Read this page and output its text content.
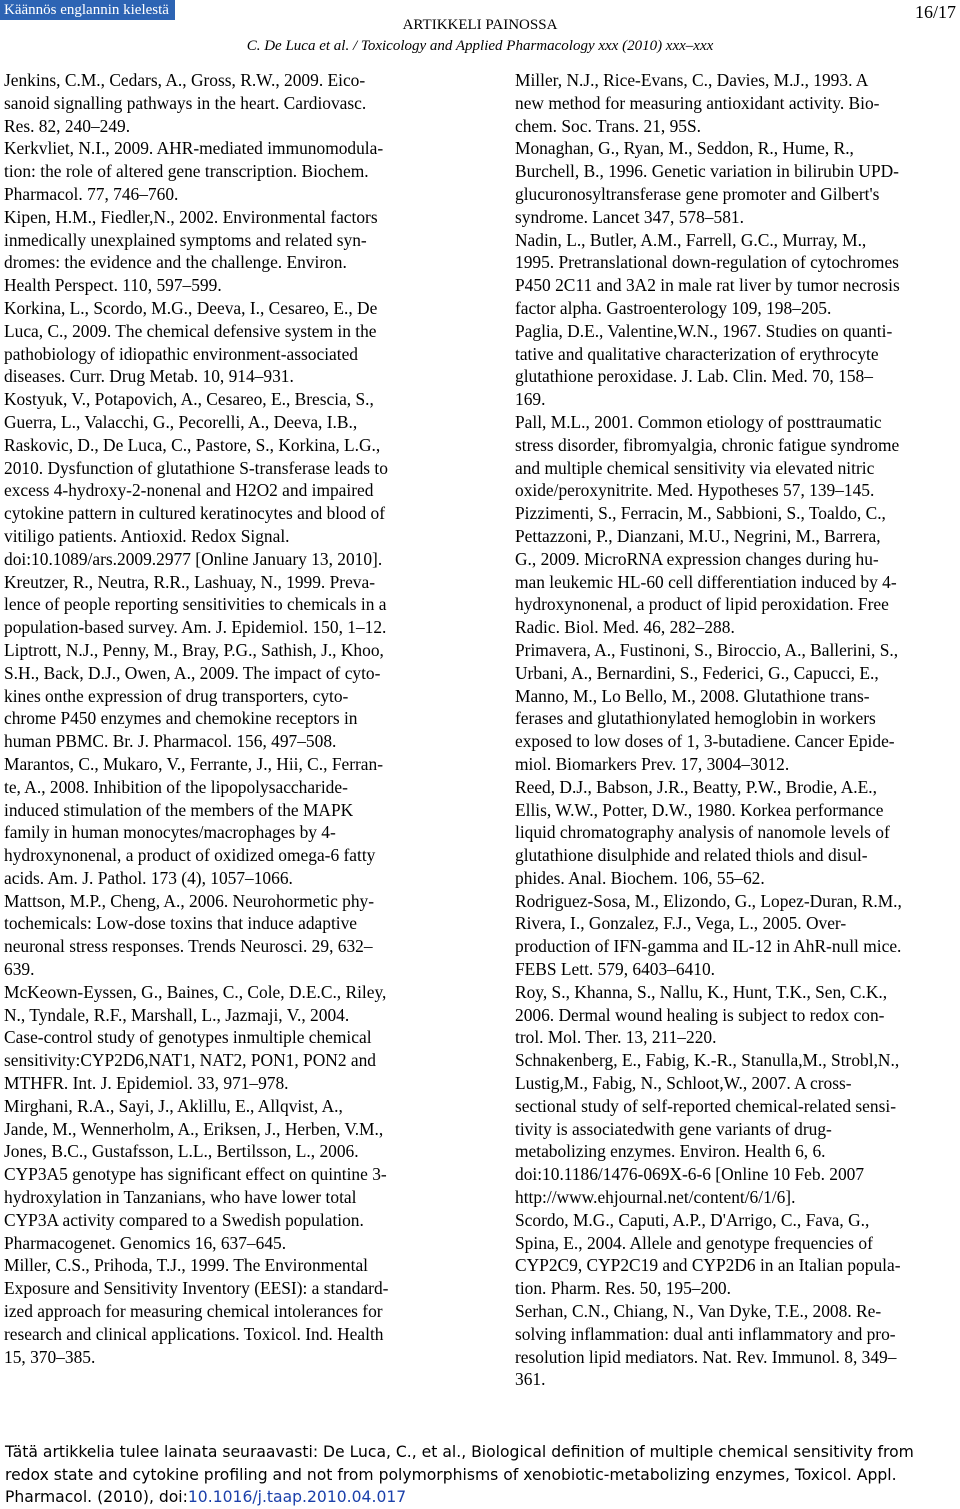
Käännös englannin kielestä
ARTIKKELI PAINOSSA
C. De Luca et al. / Toxicology and Applied Pharmacology xxx (2010) xxx–xxx
16/17

Jenkins, C.M., Cedars, A., Gross, R.W., 2009. Eico-
sanoid signalling pathways in the heart. Cardiovasc.
Res. 82, 240–249.

Kerkvliet, N.I., 2009. AHR-mediated immunomodula-
tion: the role of altered gene transcription. Biochem.
Pharmacol. 77, 746–760.

Kipen, H.M., Fiedler,N., 2002. Environmental factors
inmedically unexplained symptoms and related syn-
dromes: the evidence and the challenge. Environ.
Health Perspect. 110, 597–599.

Korkina, L., Scordo, M.G., Deeva, I., Cesareo, E., De
Luca, C., 2009. The chemical defensive system in the
pathobiology of idiopathic environment-associated
diseases. Curr. Drug Metab. 10, 914–931.

Kostyuk, V., Potapovich, A., Cesareo, E., Brescia, S.,
Guerra, L., Valacchi, G., Pecorelli, A., Deeva, I.B.,
Raskovic, D., De Luca, C., Pastore, S., Korkina, L.G.,
2010. Dysfunction of glutathione S-transferase leads to
excess 4-hydroxy-2-nonenal and H2O2 and impaired
cytokine pattern in cultured keratinocytes and blood of
vitiligo patients. Antioxid. Redox Signal.
doi:10.1089/ars.2009.2977 [Online January 13, 2010].

Kreutzer, R., Neutra, R.R., Lashuay, N., 1999. Preva-
lence of people reporting sensitivities to chemicals in a
population-based survey. Am. J. Epidemiol. 150, 1–12.

Liptrott, N.J., Penny, M., Bray, P.G., Sathish, J., Khoo,
S.H., Back, D.J., Owen, A., 2009. The impact of cyto-
kines onthe expression of drug transporters, cyto-
chrome P450 enzymes and chemokine receptors in
human PBMC. Br. J. Pharmacol. 156, 497–508.

Marantos, C., Mukaro, V., Ferrante, J., Hii, C., Ferran-
te, A., 2008. Inhibition of the lipopolysaccharide-
induced stimulation of the members of the MAPK
family in human monocytes/macrophages by 4-
hydroxynonenal, a product of oxidized omega-6 fatty
acids. Am. J. Pathol. 173 (4), 1057–1066.

Mattson, M.P., Cheng, A., 2006. Neurohormetic phy-
tochemicals: Low-dose toxins that induce adaptive
neuronal stress responses. Trends Neurosci. 29, 632–
639.

McKeown-Eyssen, G., Baines, C., Cole, D.E.C., Riley,
N., Tyndale, R.F., Marshall, L., Jazmaji, V., 2004.
Case-control study of genotypes inmultiple chemical
sensitivity:CYP2D6,NAT1, NAT2, PON1, PON2 and
MTHFR. Int. J. Epidemiol. 33, 971–978.

Mirghani, R.A., Sayi, J., Aklillu, E., Allqvist, A.,
Jande, M., Wennerholm, A., Eriksen, J., Herben, V.M.,
Jones, B.C., Gustafsson, L.L., Bertilsson, L., 2006.
CYP3A5 genotype has significant effect on quintine 3-
hydroxylation in Tanzanians, who have lower total
CYP3A activity compared to a Swedish population.
Pharmacogenet. Genomics 16, 637–645.

Miller, C.S., Prihoda, T.J., 1999. The Environmental
Exposure and Sensitivity Inventory (EESI): a standard-
ized approach for measuring chemical intolerances for
research and clinical applications. Toxicol. Ind. Health
15, 370–385.

Miller, N.J., Rice-Evans, C., Davies, M.J., 1993. A
new method for measuring antioxidant activity. Bio-
chem. Soc. Trans. 21, 95S.

Monaghan, G., Ryan, M., Seddon, R., Hume, R.,
Burchell, B., 1996. Genetic variation in bilirubin UPD-
glucuronosyltransferase gene promoter and Gilbert's
syndrome. Lancet 347, 578–581.

Nadin, L., Butler, A.M., Farrell, G.C., Murray, M.,
1995. Pretranslational down-regulation of cytochromes
P450 2C11 and 3A2 in male rat liver by tumor necrosis
factor alpha. Gastroenterology 109, 198–205.

Paglia, D.E., Valentine,W.N., 1967. Studies on quanti-
tative and qualitative characterization of erythrocyte
glutathione peroxidase. J. Lab. Clin. Med. 70, 158–
169.

Pall, M.L., 2001. Common etiology of posttraumatic
stress disorder, fibromyalgia, chronic fatigue syndrome
and multiple chemical sensitivity via elevated nitric
oxide/peroxynitrite. Med. Hypotheses 57, 139–145.

Pizzimenti, S., Ferracin, M., Sabbioni, S., Toaldo, C.,
Pettazzoni, P., Dianzani, M.U., Negrini, M., Barrera,
G., 2009. MicroRNA expression changes during hu-
man leukemic HL-60 cell differentiation induced by 4-
hydroxynonenal, a product of lipid peroxidation. Free
Radic. Biol. Med. 46, 282–288.

Primavera, A., Fustinoni, S., Biroccio, A., Ballerini, S.,
Urbani, A., Bernardini, S., Federici, G., Capucci, E.,
Manno, M., Lo Bello, M., 2008. Glutathione trans-
ferases and glutathionylated hemoglobin in workers
exposed to low doses of 1, 3-butadiene. Cancer Epide-
miol. Biomarkers Prev. 17, 3004–3012.

Reed, D.J., Babson, J.R., Beatty, P.W., Brodie, A.E.,
Ellis, W.W., Potter, D.W., 1980. Korkea performance
liquid chromatography analysis of nanomole levels of
glutathione disulphide and related thiols and disul-
phides. Anal. Biochem. 106, 55–62.

Rodriguez-Sosa, M., Elizondo, G., Lopez-Duran, R.M.,
Rivera, I., Gonzalez, F.J., Vega, L., 2005. Over-
production of IFN-gamma and IL-12 in AhR-null mice.
FEBS Lett. 579, 6403–6410.

Roy, S., Khanna, S., Nallu, K., Hunt, T.K., Sen, C.K.,
2006. Dermal wound healing is subject to redox con-
trol. Mol. Ther. 13, 211–220.

Schnakenberg, E., Fabig, K.-R., Stanulla,M., Strobl,N.,
Lustig,M., Fabig, N., Schloot,W., 2007. A cross-
sectional study of self-reported chemical-related sensi-
tivity is associatedwith gene variants of drug-
metabolizing enzymes. Environ. Health 6, 6.
doi:10.1186/1476-069X-6-6 [Online 10 Feb. 2007
http://www.ehjournal.net/content/6/1/6].

Scordo, M.G., Caputi, A.P., D'Arrigo, C., Fava, G.,
Spina, E., 2004. Allele and genotype frequencies of
CYP2C9, CYP2C19 and CYP2D6 in an Italian popula-
tion. Pharm. Res. 50, 195–200.

Serhan, C.N., Chiang, N., Van Dyke, T.E., 2008. Re-
solving inflammation: dual anti inflammatory and pro-
resolution lipid mediators. Nat. Rev. Immunol. 8, 349–
361.

Tätä artikkelia tulee lainata seuraavasti: De Luca, C., et al., Biological definition of multiple chemical sensitivity from redox state and cytokine profiling and not from polymorphisms of xenobiotic-metabolizing enzymes, Toxicol. Appl. Pharmacol. (2010), doi:10.1016/j.taap.2010.04.017
